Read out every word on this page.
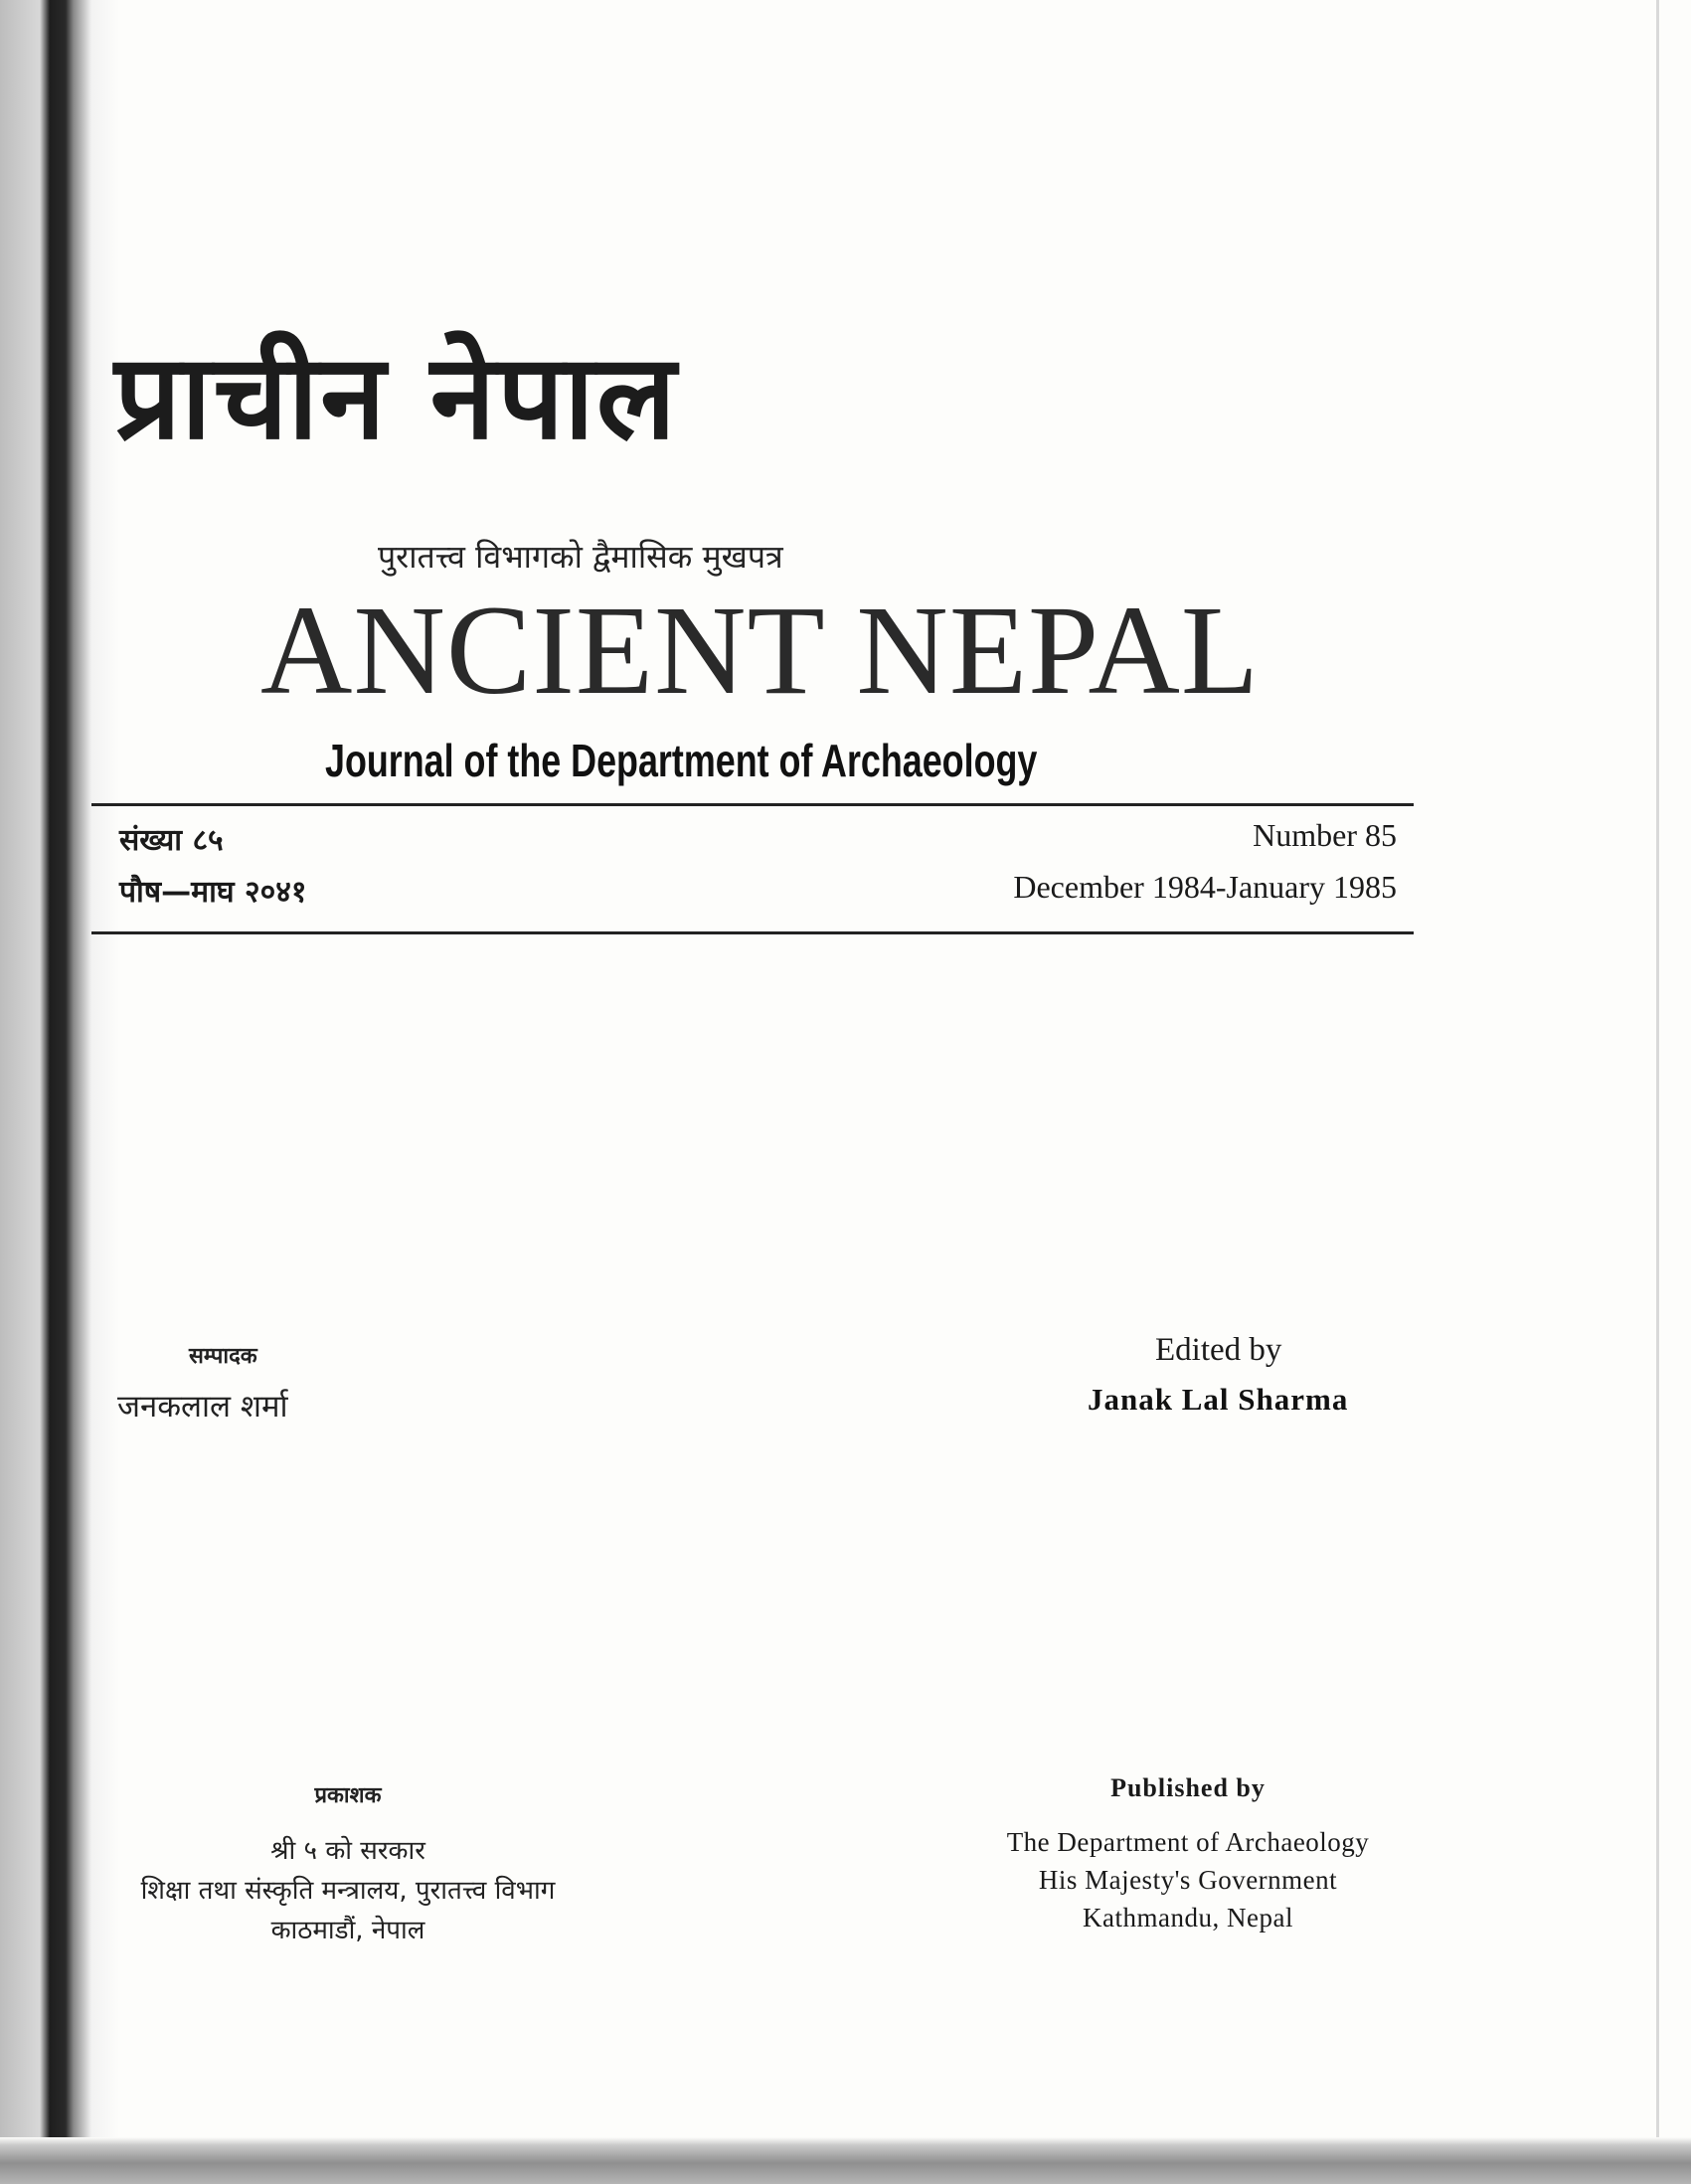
प्राचीन नेपाल
पुरातत्त्व विभागको द्वैमासिक मुखपत्र
ANCIENT NEPAL
Journal of the Department of Archaeology
संख्या ८५
पौष—माघ २०४१
Number 85
December 1984-January 1985
सम्पादक
जनकलाल शर्मा
Edited by
Janak Lal Sharma
प्रकाशक
श्री ५ को सरकार
शिक्षा तथा संस्कृति मन्त्रालय, पुरातत्त्व विभाग
काठमाडौं, नेपाल
Published by
The Department of Archaeology
His Majesty's Government
Kathmandu, Nepal
